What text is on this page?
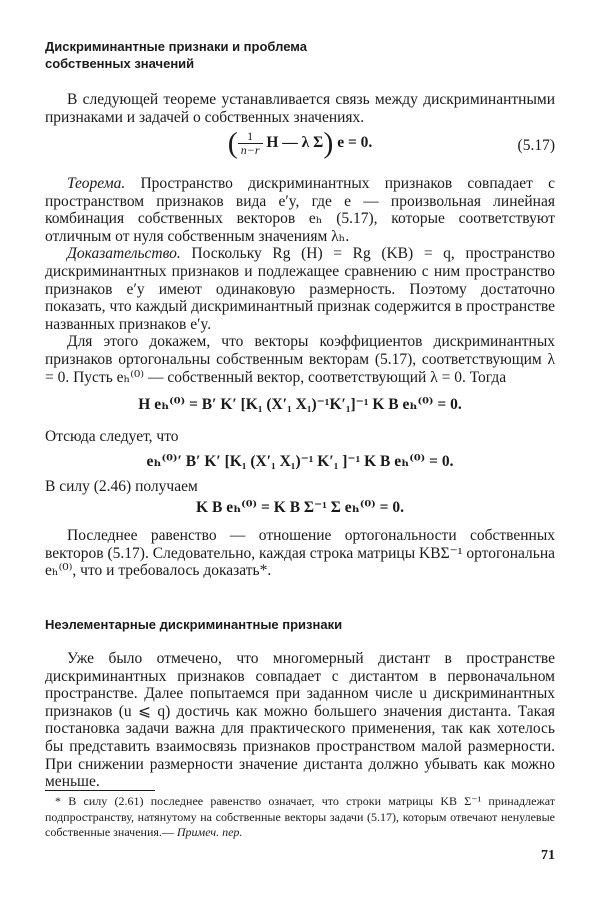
Дискриминантные признаки и проблема
собственных значений
В следующей теореме устанавливается связь между дискриминантными признаками и задачей о собственных значениях.
( $\frac{1}{n-r}$ H — λ Σ) e = 0.	(5.17)

Теорема. Пространство дискриминантных признаков совпадает с пространством признаков вида e′y, где e — произвольная линейная комбинация собственных векторов eₕ (5.17), которые соответствуют отличным от нуля собственным значениям λₕ.

Доказательство. Поскольку Rg (H) = Rg (KB) = q, пространство дискриминантных признаков и подлежащее сравнению с ним пространство признаков e′y имеют одинаковую размерность. Поэтому достаточно показать, что каждый дискриминантный признак содержится в пространстве названных признаков e′y.

Для этого докажем, что векторы коэффициентов дискриминантных признаков ортогональны собственным векторам (5.17), соответствующим λ = 0. Пусть eₕ⁽⁰⁾ — собственный вектор, соответствующий λ = 0. Тогда

H eₕ⁽⁰⁾ = B′ K′ [K₁ (X′₁ X₁)⁻¹K′₁]⁻¹ K B eₕ⁽⁰⁾ = 0.
Отсюда следует, что
eₕ⁽⁰⁾′ B′ K′ [K₁ (X′₁ X₁)⁻¹ K′₁ ]⁻¹ K B eₕ⁽⁰⁾ = 0.
В силу (2.46) получаем
K B eₕ⁽⁰⁾ = K B Σ⁻¹ Σ eₕ⁽⁰⁾ = 0.
Последнее равенство — отношение ортогональности собственных векторов (5.17). Следовательно, каждая строка матрицы KBΣ⁻¹ ортогональна eₕ⁽⁰⁾, что и требовалось доказать*.
Неэлементарные дискриминантные признаки
Уже было отмечено, что многомерный дистант в пространстве дискриминантных признаков совпадает с дистантом в первоначальном пространстве. Далее попытаемся при заданном числе u дискриминантных признаков (u ⩽ q) достичь как можно большего значения дистанта. Такая постановка задачи важна для практического применения, так как хотелось бы представить взаимосвязь признаков пространством малой размерности. При снижении размерности значение дистанта должно убывать как можно меньше.

* В силу (2.61) последнее равенство означает, что строки матрицы KB Σ⁻¹ принадлежат подпространству, натянутому на собственные векторы задачи (5.17), которым отвечают ненулевые собственные значения.— Примеч. пер.

71
